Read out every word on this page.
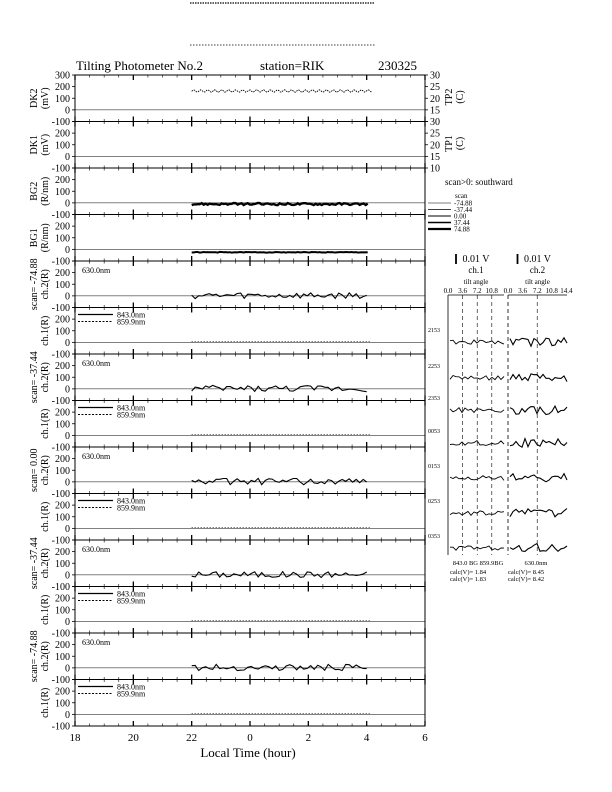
Tilting Photometer No.2	station=RIK	230325
Local Time (hour)
300
200
100
0
-100
DK2 (mV)
30
25
20
15
TP2 (C)
200
100
0
-100
DK1 (mV)
30
25
20
15
10
TP1 (C)
200
100
0
-100
BG2 (R/nm)
200
100
0
-100
BG1 (R/nm)
200
100
0
-100
scan= -74.88 ch.2(R)	630.0nm
200
100
0
-100
ch.1(R)
843.0nm
859.9nm
200
100
0
-100
scan= -37.44 ch.2(R)	630.0nm
200
100
0
-100
ch.1(R)
843.0nm
859.9nm
200
100
0
-100
scan= 0.00 ch.2(R)	630.0nm
200
100
0
-100
ch.1(R)
843.0nm
859.9nm
200
100
0
-100
scan= -37.44 ch.2(R)	630.0nm
200
100
0
-100
ch.1(R)
843.0nm
859.9nm
200
100
0
-100
scan= -74.88 ch.2(R)	630.0nm
200
100
0
-100
ch.1(R)
843.0nm
859.9nm
18	20	22	0	2	4	6
scan>0: southward
scan
-74.88
-37.44
0.00
37.44
74.88
0.01 V
ch.1
tilt angle
0.0 3.6 7.2 10.8
0.01 V
ch.2
tilt angle
0.0 3.6 7.2 10.8 14.4
2153
2253
2353
0053
0153
0253
0353
843.0 BG 859.9BG	630.0nm
calc(V)= 1.84
calc(V)= 1.83
calc(V)= 8.45
calc(V)= 8.42
